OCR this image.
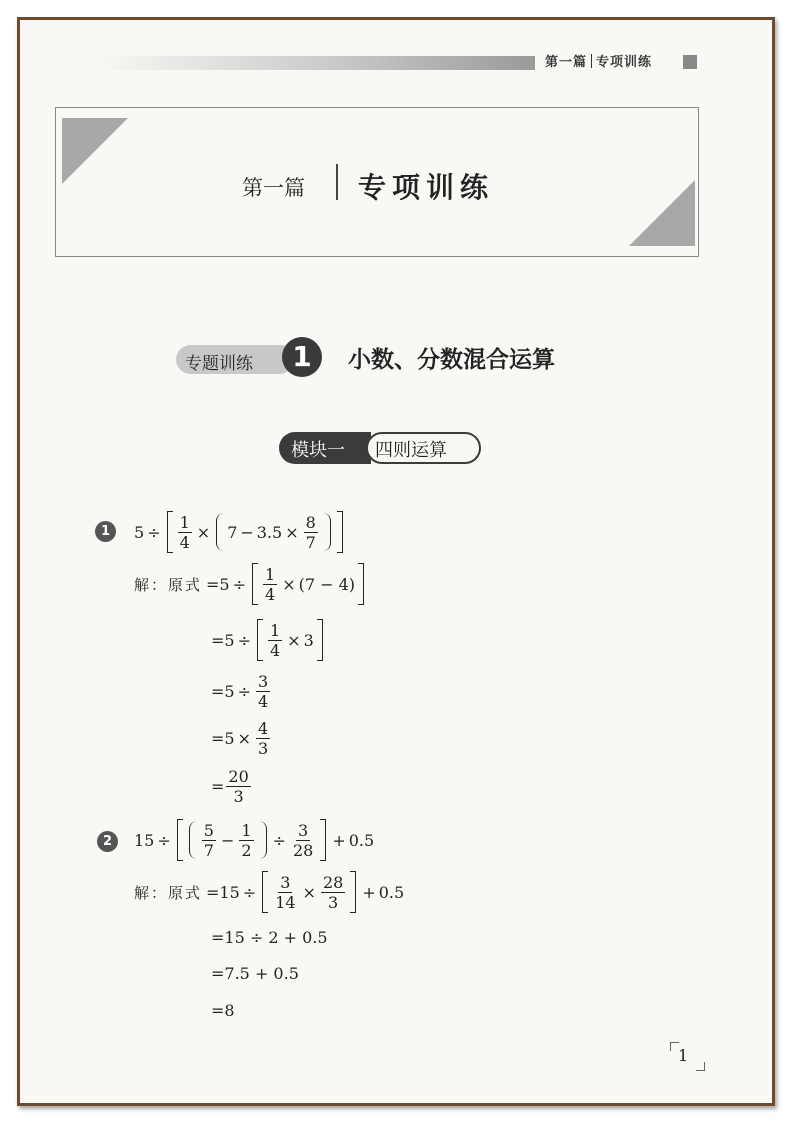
第一篇 专项训练
第一篇 专项训练
专题训练	1	小数、分数混合运算
模块一 四则运算
1	$5 \div \frac{1}{4} \times 7 - 3.5 \times \frac{8}{7}$
解：原式 = $5 \div \frac{1}{4} \times (7 - 4)$
= $5 \div \frac{1}{4} \times 3$
= $5 \div \frac{3}{4}$
= $5 \times \frac{4}{3}$
= $\frac{20}{3}$
2	$15 \div \frac{5}{7} - \frac{1}{2} \div \frac{3}{28} + 0.5$
解：原式 = $15 \div \frac{3}{14} \times \frac{28}{3} + 0.5$
=15 ÷ 2 + 0.5
=7.5 + 0.5
=8
1
